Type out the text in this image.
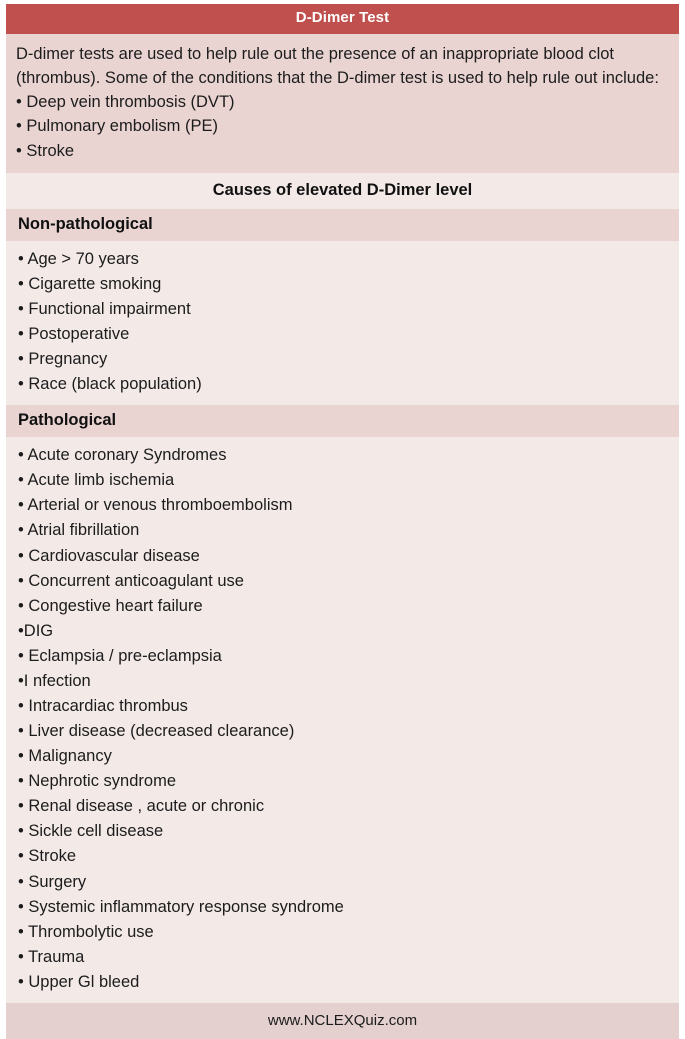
D-Dimer Test

D-dimer tests are used to help rule out the presence of an inappropriate blood clot (thrombus). Some of the conditions that the D-dimer test is used to help rule out include:

• Deep vein thrombosis (DVT)
• Pulmonary embolism (PE)
• Stroke
Causes of elevated D-Dimer level
Non-pathological
• Age > 70 years
• Cigarette smoking
• Functional impairment
• Postoperative
• Pregnancy
• Race (black population)
Pathological
• Acute coronary Syndromes
• Acute limb ischemia
• Arterial or venous thromboembolism
• Atrial fibrillation
• Cardiovascular disease
• Concurrent anticoagulant use
• Congestive heart failure
•DIG
• Eclampsia / pre-eclampsia
•I nfection
• Intracardiac thrombus
• Liver disease (decreased clearance)
• Malignancy
• Nephrotic syndrome
• Renal disease , acute or chronic
• Sickle cell disease
• Stroke
• Surgery
• Systemic inflammatory response syndrome
• Thrombolytic use
• Trauma
• Upper Gl bleed
www.NCLEXQuiz.com
